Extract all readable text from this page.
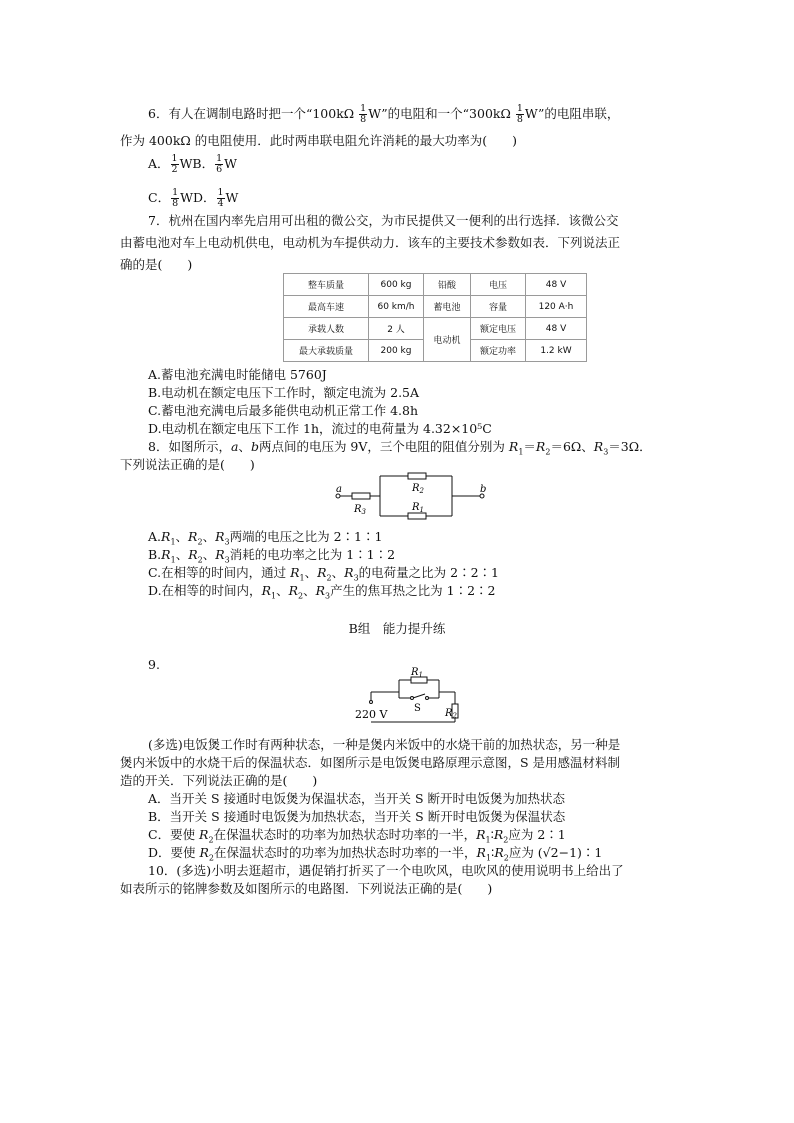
6．有人在调制电路时把一个“$100k\Omega \frac{1}{8} W$”的电阻和一个“$300k\Omega \frac{1}{8} W$”的电阻串联，
作为 400kΩ 的电阻使用．此时两串联电阻允许消耗的最大功率为(　　)
A． $\frac{1}{2}$ WB． $\frac{1}{6}$ W
C． $\frac{1}{8}$ WD． $\frac{1}{4}$ W
7．杭州在国内率先启用可出租的微公交，为市民提供又一便利的出行选择．该微公交
由蓄电池对车上电动机供电，电动机为车提供动力．该车的主要技术参数如表．下列说法正
确的是(　　)
整车质量	600 kg	铅酸	电压	48 V
最高车速	60 km/h	蓄电池	容量	120 A·h
承载人数	2 人	电动机	额定电压	48 V
最大承载质量	200 kg		额定功率	1.2 kW
A.蓄电池充满电时能储电 5760J
B.电动机在额定电压下工作时，额定电流为 2.5A
C.蓄电池充满电后最多能供电动机正常工作 4.8h
D.电动机在额定电压下工作 1h，流过的电荷量为 4.32×10⁵C
8．如图所示，a、b两点间的电压为 9V，三个电阻的阻值分别为 $R_1=R_2=6\Omega$、$R_3=3\Omega$．
下列说法正确的是(　　)
a	b
$R_3$
$R_2$
$R_1$
$A.R_1$、$R_2$、$R_3$两端的电压之比为 2∶1∶1
$B.R_1$、$R_2$、$R_3$消耗的电功率之比为 1∶1∶2
C.在相等的时间内，通过 $R_1$、$R_2$、$R_3$的电荷量之比为 2∶2∶1
D.在相等的时间内，$R_1$、$R_2$、$R_3$产生的焦耳热之比为 1∶2∶2
B组　能力提升练
9.
$R_1$
S $R_2$
220 V
(多选)电饭煲工作时有两种状态，一种是煲内米饭中的水烧干前的加热状态，另一种是
煲内米饭中的水烧干后的保温状态．如图所示是电饭煲电路原理示意图，S 是用感温材料制
造的开关．下列说法正确的是(　　)
A．当开关 S 接通时电饭煲为保温状态，当开关 S 断开时电饭煲为加热状态
B．当开关 S 接通时电饭煲为加热状态，当开关 S 断开时电饭煲为保温状态
C．要使 $R_2$在保温状态时的功率为加热状态时功率的一半，$R_1∶R_2$应为 2∶1
D．要使 $R_2$在保温状态时的功率为加热状态时功率的一半，$R_1∶R_2$应为 (√2−1)∶1
10．(多选)小明去逛超市，遇促销打折买了一个电吹风，电吹风的使用说明书上给出了
如表所示的铭牌参数及如图所示的电路图．下列说法正确的是(　　)
